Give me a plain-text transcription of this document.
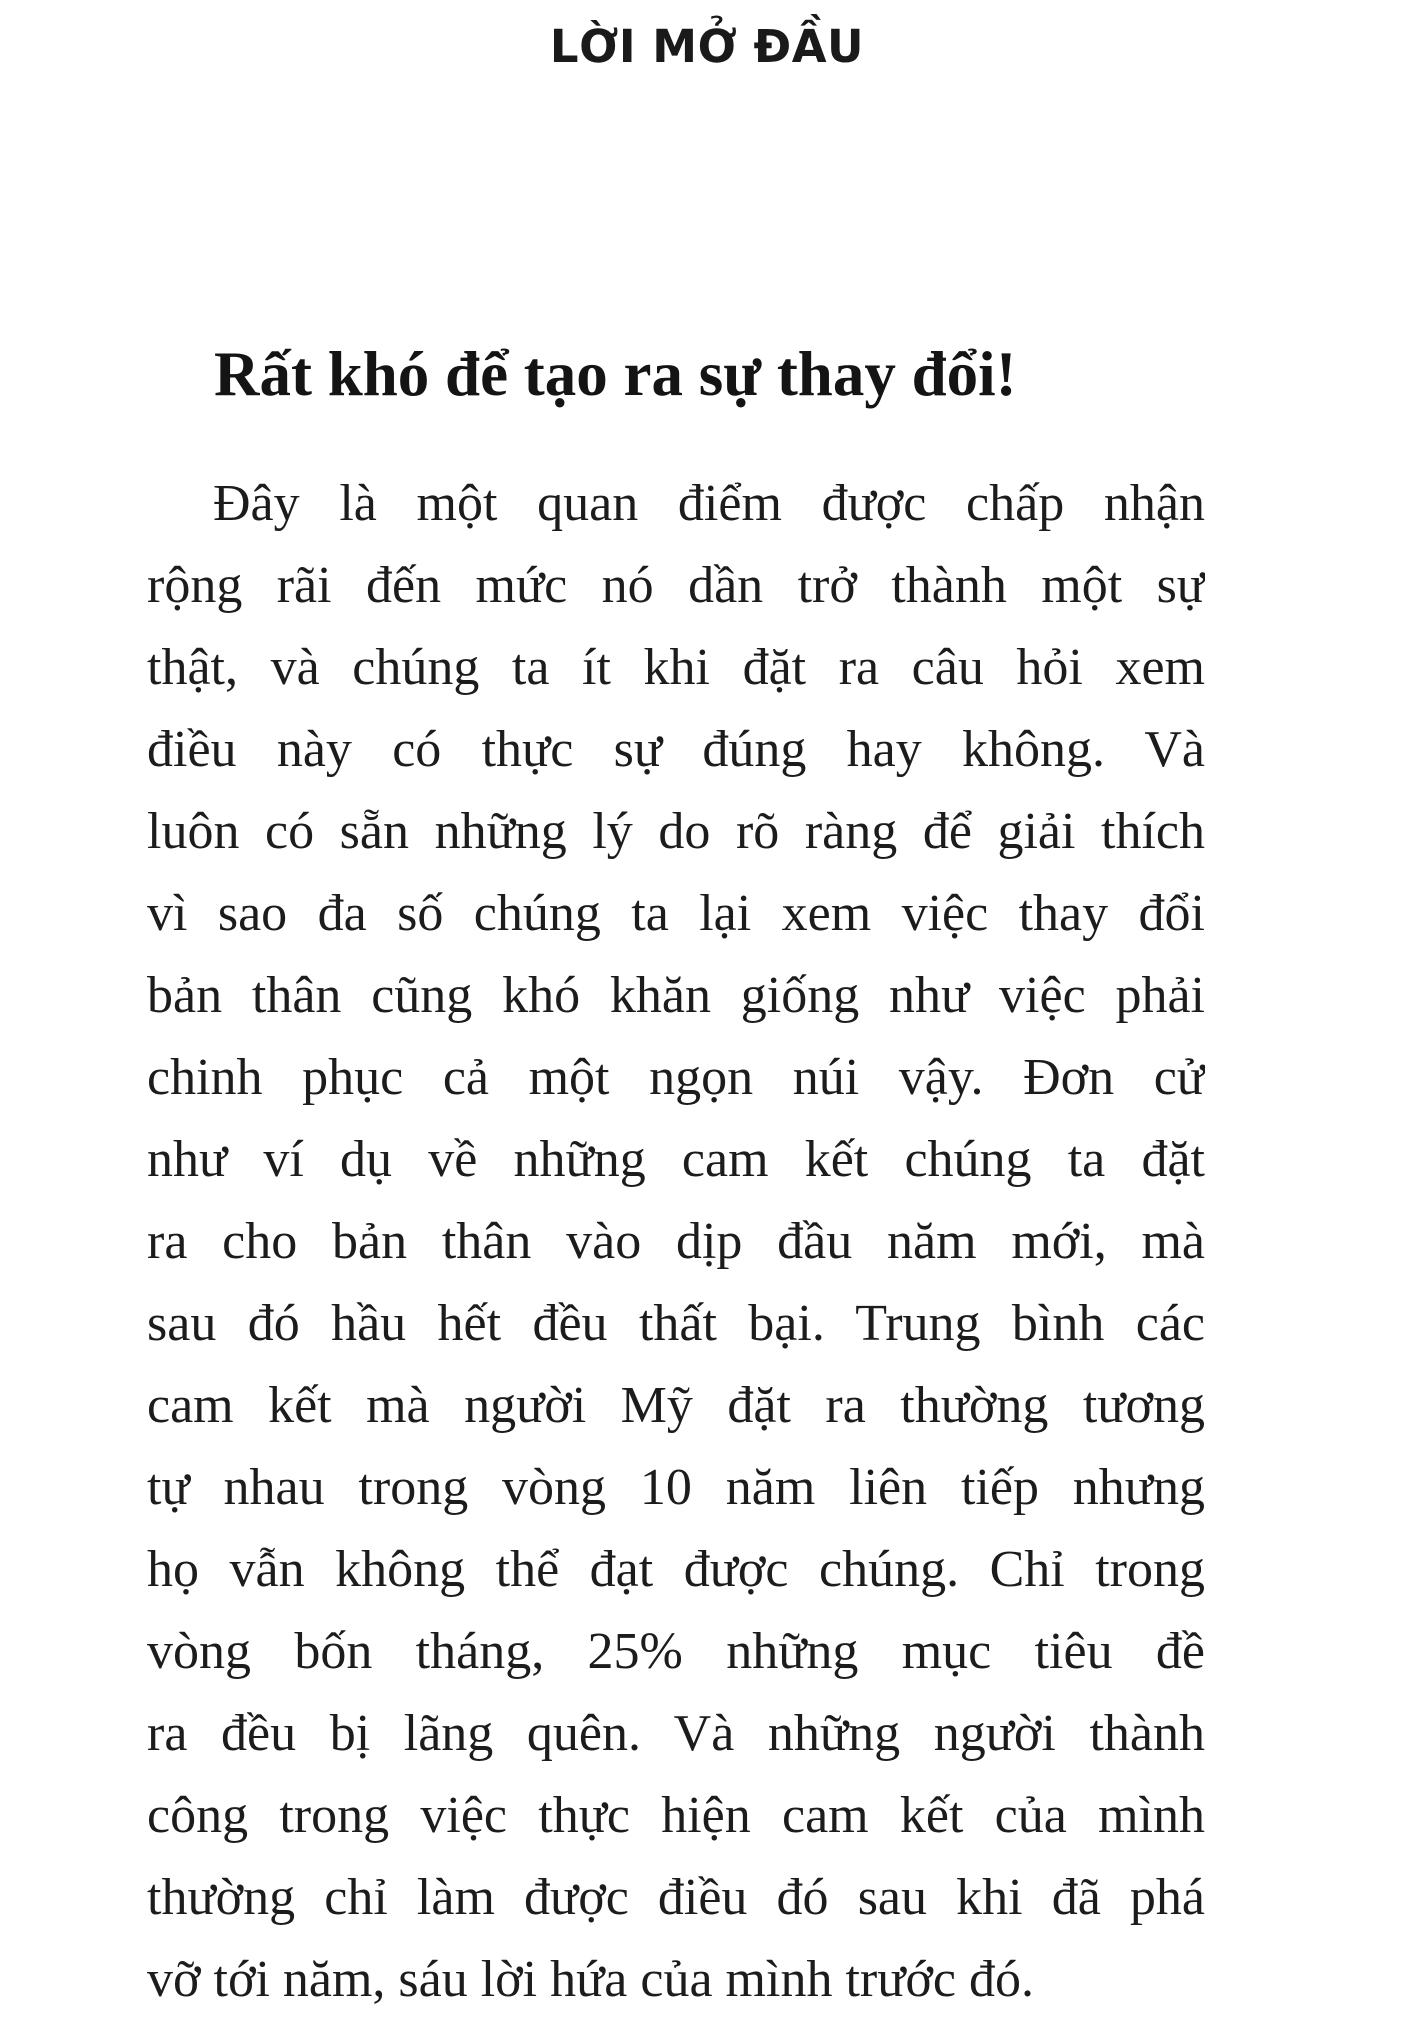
LỜI MỞ ĐẦU
Rất khó để tạo ra sự thay đổi!
Đây là một quan điểm được chấp nhận
rộng rãi đến mức nó dần trở thành một sự
thật, và chúng ta ít khi đặt ra câu hỏi xem
điều này có thực sự đúng hay không. Và
luôn có sẵn những lý do rõ ràng để giải thích
vì sao đa số chúng ta lại xem việc thay đổi
bản thân cũng khó khăn giống như việc phải
chinh phục cả một ngọn núi vậy. Đơn cử
như ví dụ về những cam kết chúng ta đặt
ra cho bản thân vào dịp đầu năm mới, mà
sau đó hầu hết đều thất bại. Trung bình các
cam kết mà người Mỹ đặt ra thường tương
tự nhau trong vòng 10 năm liên tiếp nhưng
họ vẫn không thể đạt được chúng. Chỉ trong
vòng bốn tháng, 25% những mục tiêu đề
ra đều bị lãng quên. Và những người thành
công trong việc thực hiện cam kết của mình
thường chỉ làm được điều đó sau khi đã phá
vỡ tới năm, sáu lời hứa của mình trước đó.
